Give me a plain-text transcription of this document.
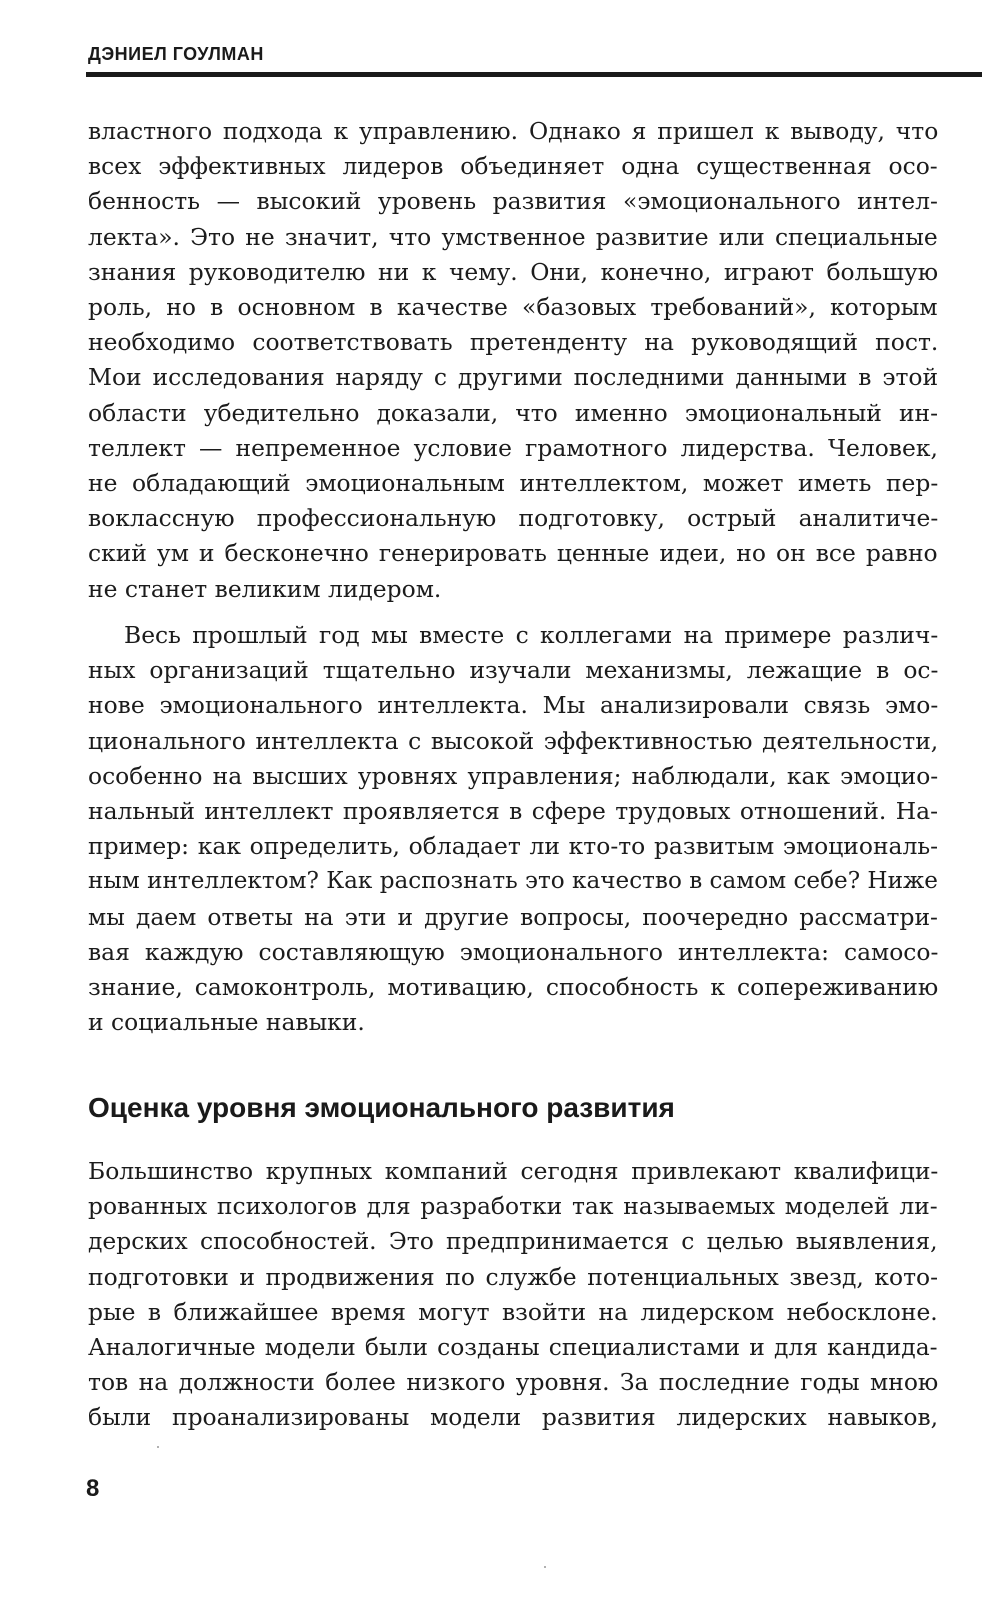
ДЭНИЕЛ ГОУЛМАН
властного подхода к управлению. Однако я пришел к выводу, что
всех эффективных лидеров объединяет одна существенная осо-
бенность — высокий уровень развития «эмоционального интел-
лекта». Это не значит, что умственное развитие или специальные
знания руководителю ни к чему. Они, конечно, играют большую
роль, но в основном в качестве «базовых требований», которым
необходимо соответствовать претенденту на руководящий пост.
Мои исследования наряду с другими последними данными в этой
области убедительно доказали, что именно эмоциональный ин-
теллект — непременное условие грамотного лидерства. Человек,
не обладающий эмоциональным интеллектом, может иметь пер-
воклассную профессиональную подготовку, острый аналитиче-
ский ум и бесконечно генерировать ценные идеи, но он все равно
не станет великим лидером.
Весь прошлый год мы вместе с коллегами на примере различ-
ных организаций тщательно изучали механизмы, лежащие в ос-
нове эмоционального интеллекта. Мы анализировали связь эмо-
ционального интеллекта с высокой эффективностью деятельности,
особенно на высших уровнях управления; наблюдали, как эмоцио-
нальный интеллект проявляется в сфере трудовых отношений. На-
пример: как определить, обладает ли кто-то развитым эмоциональ-
ным интеллектом? Как распознать это качество в самом себе? Ниже
мы даем ответы на эти и другие вопросы, поочередно рассматри-
вая каждую составляющую эмоционального интеллекта: самосо-
знание, самоконтроль, мотивацию, способность к сопереживанию
и социальные навыки.
Оценка уровня эмоционального развития
Большинство крупных компаний сегодня привлекают квалифици-
рованных психологов для разработки так называемых моделей ли-
дерских способностей. Это предпринимается с целью выявления,
подготовки и продвижения по службе потенциальных звезд, кото-
рые в ближайшее время могут взойти на лидерском небосклоне.
Аналогичные модели были созданы специалистами и для кандида-
тов на должности более низкого уровня. За последние годы мною
были проанализированы модели развития лидерских навыков,
8
